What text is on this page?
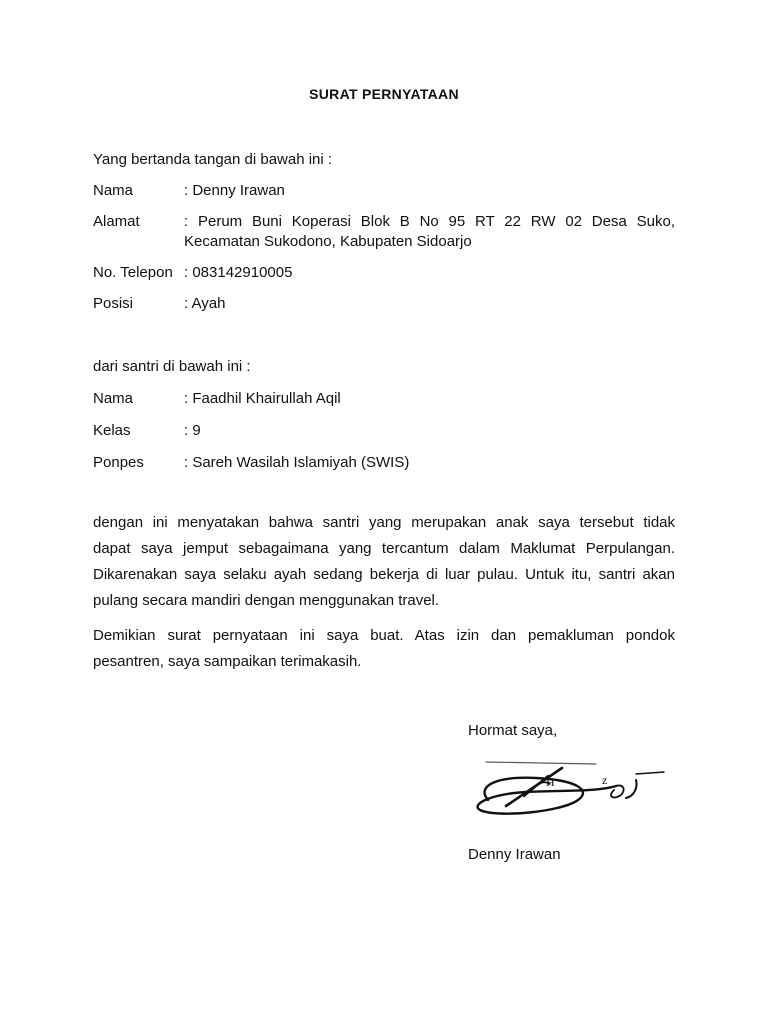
SURAT PERNYATAAN
Yang bertanda tangan di bawah ini :
Nama	: Denny Irawan
Alamat	: Perum Buni Koperasi Blok B No 95 RT 22 RW 02 Desa Suko,
Kecamatan Sukodono, Kabupaten Sidoarjo
No. Telepon : 083142910005
Posisi	: Ayah
dari santri di bawah ini :
Nama	: Faadhil Khairullah Aqil
Kelas	: 9
Ponpes	: Sareh Wasilah Islamiyah (SWIS)
dengan ini menyatakan bahwa santri yang merupakan anak saya tersebut tidak
dapat saya jemput sebagaimana yang tercantum dalam Maklumat Perpulangan.
Dikarenakan saya selaku ayah sedang bekerja di luar pulau. Untuk itu, santri akan
pulang secara mandiri dengan menggunakan travel.
Demikian surat pernyataan ini saya buat. Atas izin dan pemakluman pondok
pesantren, saya sampaikan terimakasih.
Hormat saya,
H	z
Denny Irawan
